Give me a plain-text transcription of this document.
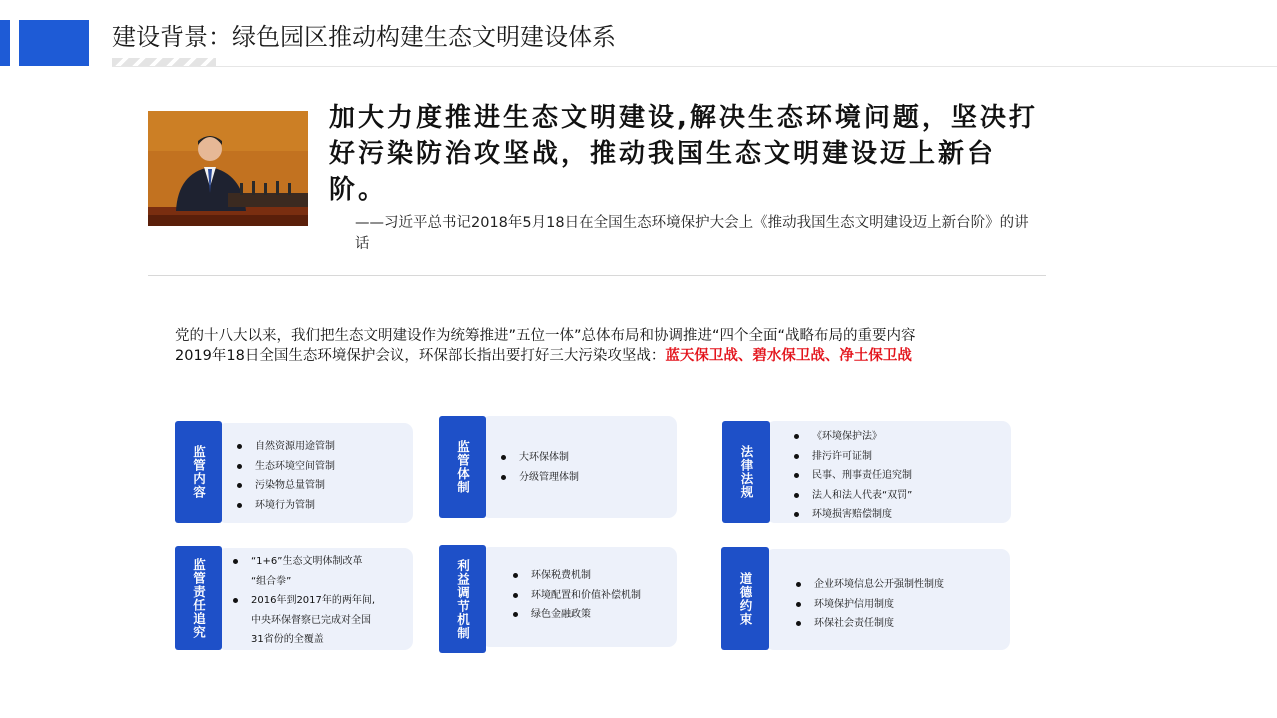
建设背景：绿色园区推动构建生态文明建设体系
加大力度推进生态文明建设,解决生态环境问题，坚决打好污染防治攻坚战，推动我国生态文明建设迈上新台阶。
——习近平总书记2018年5月18日在全国生态环境保护大会上《推动我国生态文明建设迈上新台阶》的讲话
党的十八大以来，我们把生态文明建设作为统筹推进”五位一体”总体布局和协调推进“四个全面“战略布局的重要内容
2019年18日全国生态环境保护会议，环保部长指出要打好三大污染攻坚战：蓝天保卫战、碧水保卫战、净土保卫战
监管内容	自然资源用途管制
生态环境空间管制
污染物总量管制
环境行为管制
监管体制	大环保体制
分级管理体制	法律法规
《环境保护法》
排污许可证制
民事、刑事责任追究制
法人和法人代表“双罚”
环境损害赔偿制度
监管责任追究	“1+6”生态文明体制改革
“组合拳”
2016年到2017年的两年间,
中央环保督察已完成对全国
31省份的全覆盖	利益调节机制	环保税费机制
环境配置和价值补偿机制
绿色金融政策	道德约束	企业环境信息公开强制性制度
环境保护信用制度
环保社会责任制度
